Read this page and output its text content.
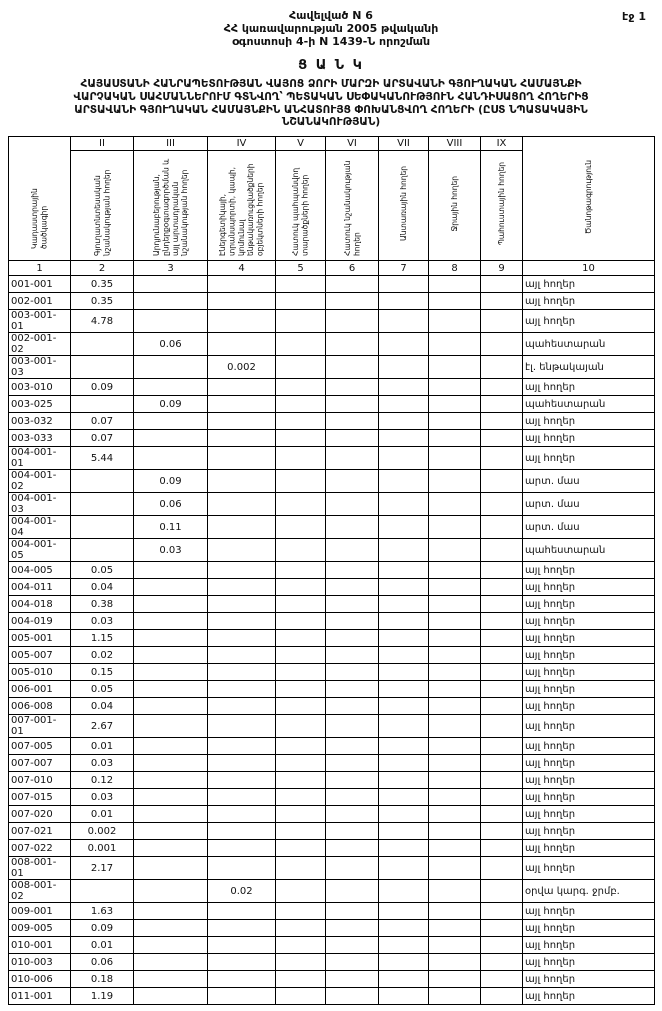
էջ 1
Հավելված N 6
ՀՀ կառավարության 2005 թվականի
օգոստոսի 4-ի N 1439-Ն որոշման
Ց Ա Ն Կ
ՀԱՅԱՍՏԱՆԻ ՀԱՆՐԱՊԵՏՈՒԹՅԱՆ ՎԱՅՈՑ ՁՈՐԻ ՄԱՐԶԻ ԱՐՏԱՎԱՆԻ ԳՅՈՒՂԱԿԱՆ ՀԱՄԱՅՆՔԻ
ՎԱՐՉԱԿԱՆ ՍԱՀՄԱՆՆԵՐՈՒՄ ԳՏՆՎՈՂ՝ ՊԵՏԱԿԱՆ ՍԵՓԱԿԱՆՈՒԹՅՈՒՆ ՀԱՆԴԻՍԱՑՈՂ ՀՈՂԵՐԻՑ
ԱՐՏԱՎԱՆԻ ԳՅՈՒՂԱԿԱՆ ՀԱՄԱՅՆՔԻՆ ԱՆՀԱՏՈՒՅՑ ՓՈԽԱՆՑՎՈՂ ՀՈՂԵՐԻ (ԸՍՏ ՆՊԱՏԱԿԱՅԻՆ
ՆՇԱՆԱԿՈՒԹՅԱՆ)
Կադաստրային ծածկագիր	II	III	IV	V	VI	VII	VIII	IX	Ծանոթագրություն
	Գյուղատնտեսական նշանակության հողեր	Արդյունաբերության, ընդերքօգտագործման և այլ արտադրական նշանակության հողեր	Էներգետիկայի, տրանսպորտի, կապի, կոմունալ ենթակառուցվածքների օբյեկտների հողեր	Հատուկ պահպանվող տարածքների հողեր	Հատուկ նշանակության հողեր	Անտառային հողեր	Ջրային հողեր	Պահուստային հողեր	
1	2	3	4	5	6	7	8	9	10
001-001	0.35								այլ հողեր
002-001	0.35								այլ հողեր
003-001-01	4.78								այլ հողեր
002-001-02		0.06							պահեստարան
003-001-03			0.002						էլ. ենթակայան
003-010	0.09								այլ հողեր
003-025		0.09							պահեստարան
003-032	0.07								այլ հողեր
003-033	0.07								այլ հողեր
004-001-01	5.44								այլ հողեր
004-001-02		0.09							արտ. մաս
004-001-03		0.06							արտ. մաս
004-001-04		0.11							արտ. մաս
004-001-05		0.03							պահեստարան
004-005	0.05								այլ հողեր
004-011	0.04								այլ հողեր
004-018	0.38								այլ հողեր
004-019	0.03								այլ հողեր
005-001	1.15								այլ հողեր
005-007	0.02								այլ հողեր
005-010	0.15								այլ հողեր
006-001	0.05								այլ հողեր
006-008	0.04								այլ հողեր
007-001-01	2.67								այլ հողեր
007-005	0.01								այլ հողեր
007-007	0.03								այլ հողեր
007-010	0.12								այլ հողեր
007-015	0.03								այլ հողեր
007-020	0.01								այլ հողեր
007-021	0.002								այլ հողեր
007-022	0.001								այլ հողեր
008-001-01	2.17								այլ հողեր
008-001-02			0.02						օրվա կարգ. ջրմբ.
009-001	1.63								այլ հողեր
009-005	0.09								այլ հողեր
010-001	0.01								այլ հողեր
010-003	0.06								այլ հողեր
010-006	0.18								այլ հողեր
011-001	1.19								այլ հողեր
